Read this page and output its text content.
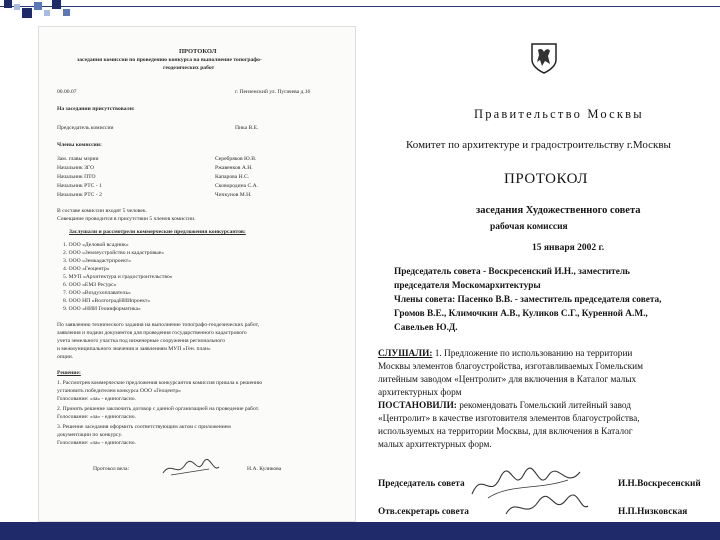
ПРОТОКОЛ
заседания комиссии по проведению конкурса на выполнение топографо-
геодезических работ
00.00.07	г. Пензенский ул. Пугачева д.16
На заседании присутствовали:
Председатель комиссии	Пика В.Е.
Члены комиссии:
Зам. главы мэрии	Серебряков Ю.В.
Начальник ЗГО	Ржавенков А.Н.
Начальник ПТО	Капарова Н.С.
Начальник РТС - 1	Сковородина С.А.
Начальник РТС - 2	Чичкунов М.Н.
В составе комиссии входят 5 человек.
Совещание проводится в присутствии 5 членов комиссии.
Заслушали и рассмотрели коммерческие предложения конкурсантов:
1. ООО «Деловой всадник»
2. ООО «Землеустройство и кадастровые»
3. ООО «Земкадастрпроект»
4. ООО «Геоцентр»
5. МУП «Архитектура и градостроительство»
6. ООО «ЕМЗ Ресурс»
7. ООО «Воздухоплаватель»
8. ООО НП «ВолгоградНИИпроект»
9. ООО «НИИ Геоинформатика»
По заявлению технического задания на выполнение топографо-геодезических работ,
заявления и подачи документов для проведения государственного кадастрового
учета земельного участка под инженерные сооружения регионального
и межмуниципального значения и заявлениям МУП «Ген. план»
опции.
Решение:
1. Рассмотрев коммерческие предложения конкурсантов комиссия пришла к решению
установить победителем конкурса ООО «Геоцентр»
Голосование: «за» - единогласно.
2. Принять решение заключить договор с данной организацией на проведение работ.
Голосование: «за» - единогласно.
3. Решение заседания оформить соответствующим актом с приложением
документации по конкурсу.
Голосование: «за» - единогласно.
Протокол вела:	Н.А. Куликова
Правительство Москвы
Комитет по архитектуре и градостроительству г.Москвы
ПРОТОКОЛ
заседания Художественного совета
рабочая комиссия
15 января 2002 г.
Председатель совета - Воскресенский И.Н., заместитель
председателя Москомархитектуры
Члены совета: Пасенко В.В. - заместитель председателя совета,
Громов В.Е., Климочкин А.В., Куликов С.Г., Куренной А.М.,
Савельев Ю.Д.
СЛУШАЛИ: 1. Предложение по использованию на территории
Москвы элементов благоустройства, изготавливаемых Гомельским
литейным заводом «Центролит» для включения в Каталог малых
архитектурных форм
ПОСТАНОВИЛИ: рекомендовать Гомельский литейный завод
«Центролит» в качестве изготовителя элементов благоустройства,
используемых на территории Москвы, для включения в Каталог
малых архитектурных форм.
Председатель совета	И.Н.Воскресенский
Отв.секретарь совета	Н.П.Низковская
